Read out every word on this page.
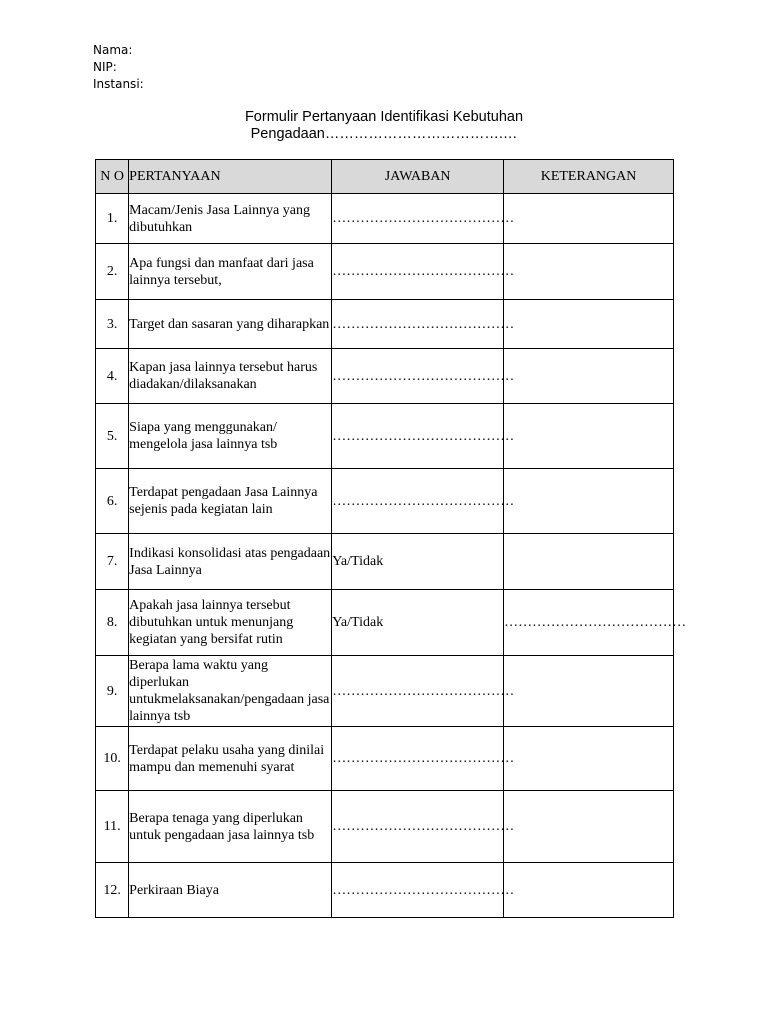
Nama:
NIP:
Instansi:
Formulir Pertanyaan Identifikasi Kebutuhan
Pengadaan……………………………….…
N O	PERTANYAAN	JAWABAN	KETERANGAN
1.	Macam/Jenis Jasa Lainnya yang dibutuhkan	…………………………………	
2.	Apa fungsi dan manfaat dari jasa lainnya tersebut,	…………………………………	
3.	Target dan sasaran yang diharapkan	…………………………………	
4.	Kapan jasa lainnya tersebut harus diadakan/dilaksanakan	…………………………………	
5.	Siapa yang menggunakan/ mengelola jasa lainnya tsb	…………………………………	
6.	Terdapat pengadaan Jasa Lainnya sejenis pada kegiatan lain	…………………………………	
7.	Indikasi konsolidasi atas pengadaan Jasa Lainnya	Ya/Tidak	
8.	Apakah jasa lainnya tersebut dibutuhkan untuk menunjang kegiatan yang bersifat rutin	Ya/Tidak	…………………………………
9.	Berapa lama waktu yang diperlukan untukmelaksanakan/pengadaan jasa lainnya tsb	…………………………………	
10.	Terdapat pelaku usaha yang dinilai mampu dan memenuhi syarat	…………………………………	
11.	Berapa tenaga yang diperlukan untuk pengadaan jasa lainnya tsb	…………………………………	
12.	Perkiraan Biaya	…………………………………	
